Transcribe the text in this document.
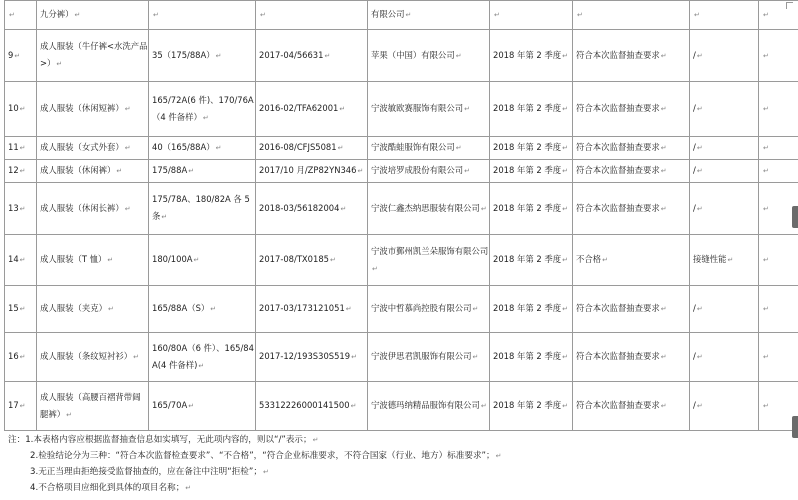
↵	九分裤）↵	↵	↵	有限公司↵	↵	↵	↵	↵
9↵	成人服装（牛仔裤<水洗产品>）↵	35（175/88A）↵	2017-04/56631↵	苹果（中国）有限公司↵	2018 年第 2 季度↵	符合本次监督抽查要求↵	/↵	↵
10↵	成人服装（休闲短裤）↵	165/72A(6 件)、170/76A（4 件备样）↵	2016-02/TFA62001↵	宁波敏欧赛服饰有限公司↵	2018 年第 2 季度↵	符合本次监督抽查要求↵	/↵	↵
11↵	成人服装（女式外套）↵	40（165/88A）↵	2016-08/CFJS5081↵	宁波酷蛙服饰有限公司↵	2018 年第 2 季度↵	符合本次监督抽查要求↵	/↵	↵
12↵	成人服装（休闲裤）↵	175/88A↵	2017/10 月/ZP82YN346↵	宁波培罗成股份有限公司↵	2018 年第 2 季度↵	符合本次监督抽查要求↵	/↵	↵
13↵	成人服装（休闲长裤）↵	175/78A、180/82A 各 5 条↵	2018-03/56182004↵	宁波仁鑫杰纳思服装有限公司↵	2018 年第 2 季度↵	符合本次监督抽查要求↵	/↵	↵
14↵	成人服装（T 恤）↵	180/100A↵	2017-08/TX0185↵	宁波市鄞州凯兰朵服饰有限公司↵	2018 年第 2 季度↵	不合格↵	接缝性能↵	↵
15↵	成人服装（夹克）↵	165/88A（S）↵	2017-03/173121051↵	宁波中哲慕尚控股有限公司↵	2018 年第 2 季度↵	符合本次监督抽查要求↵	/↵	↵
16↵	成人服装（条纹短衬衫）↵	160/80A（6 件）、165/84A(4 件备样)↵	2017-12/193S30S519↵	宁波伊思君凯服饰有限公司↵	2018 年第 2 季度↵	符合本次监督抽查要求↵	/↵	↵
17↵	成人服装（高腰百褶背带阔腿裤）↵	165/70A↵	53312226000141500↵	宁波德玛纳精品服饰有限公司↵	2018 年第 2 季度↵	符合本次监督抽查要求↵	/↵	↵
注：1.本表格内容应根据监督抽查信息如实填写，无此项内容的，则以“/”表示；↵
2.检验结论分为三种：“符合本次监督检查要求”、“不合格”，“符合企业标准要求，不符合国家（行业、地方）标准要求”；↵
3.无正当理由拒绝接受监督抽查的，应在备注中注明“拒检”；↵
4.不合格项目应细化到具体的项目名称；↵
